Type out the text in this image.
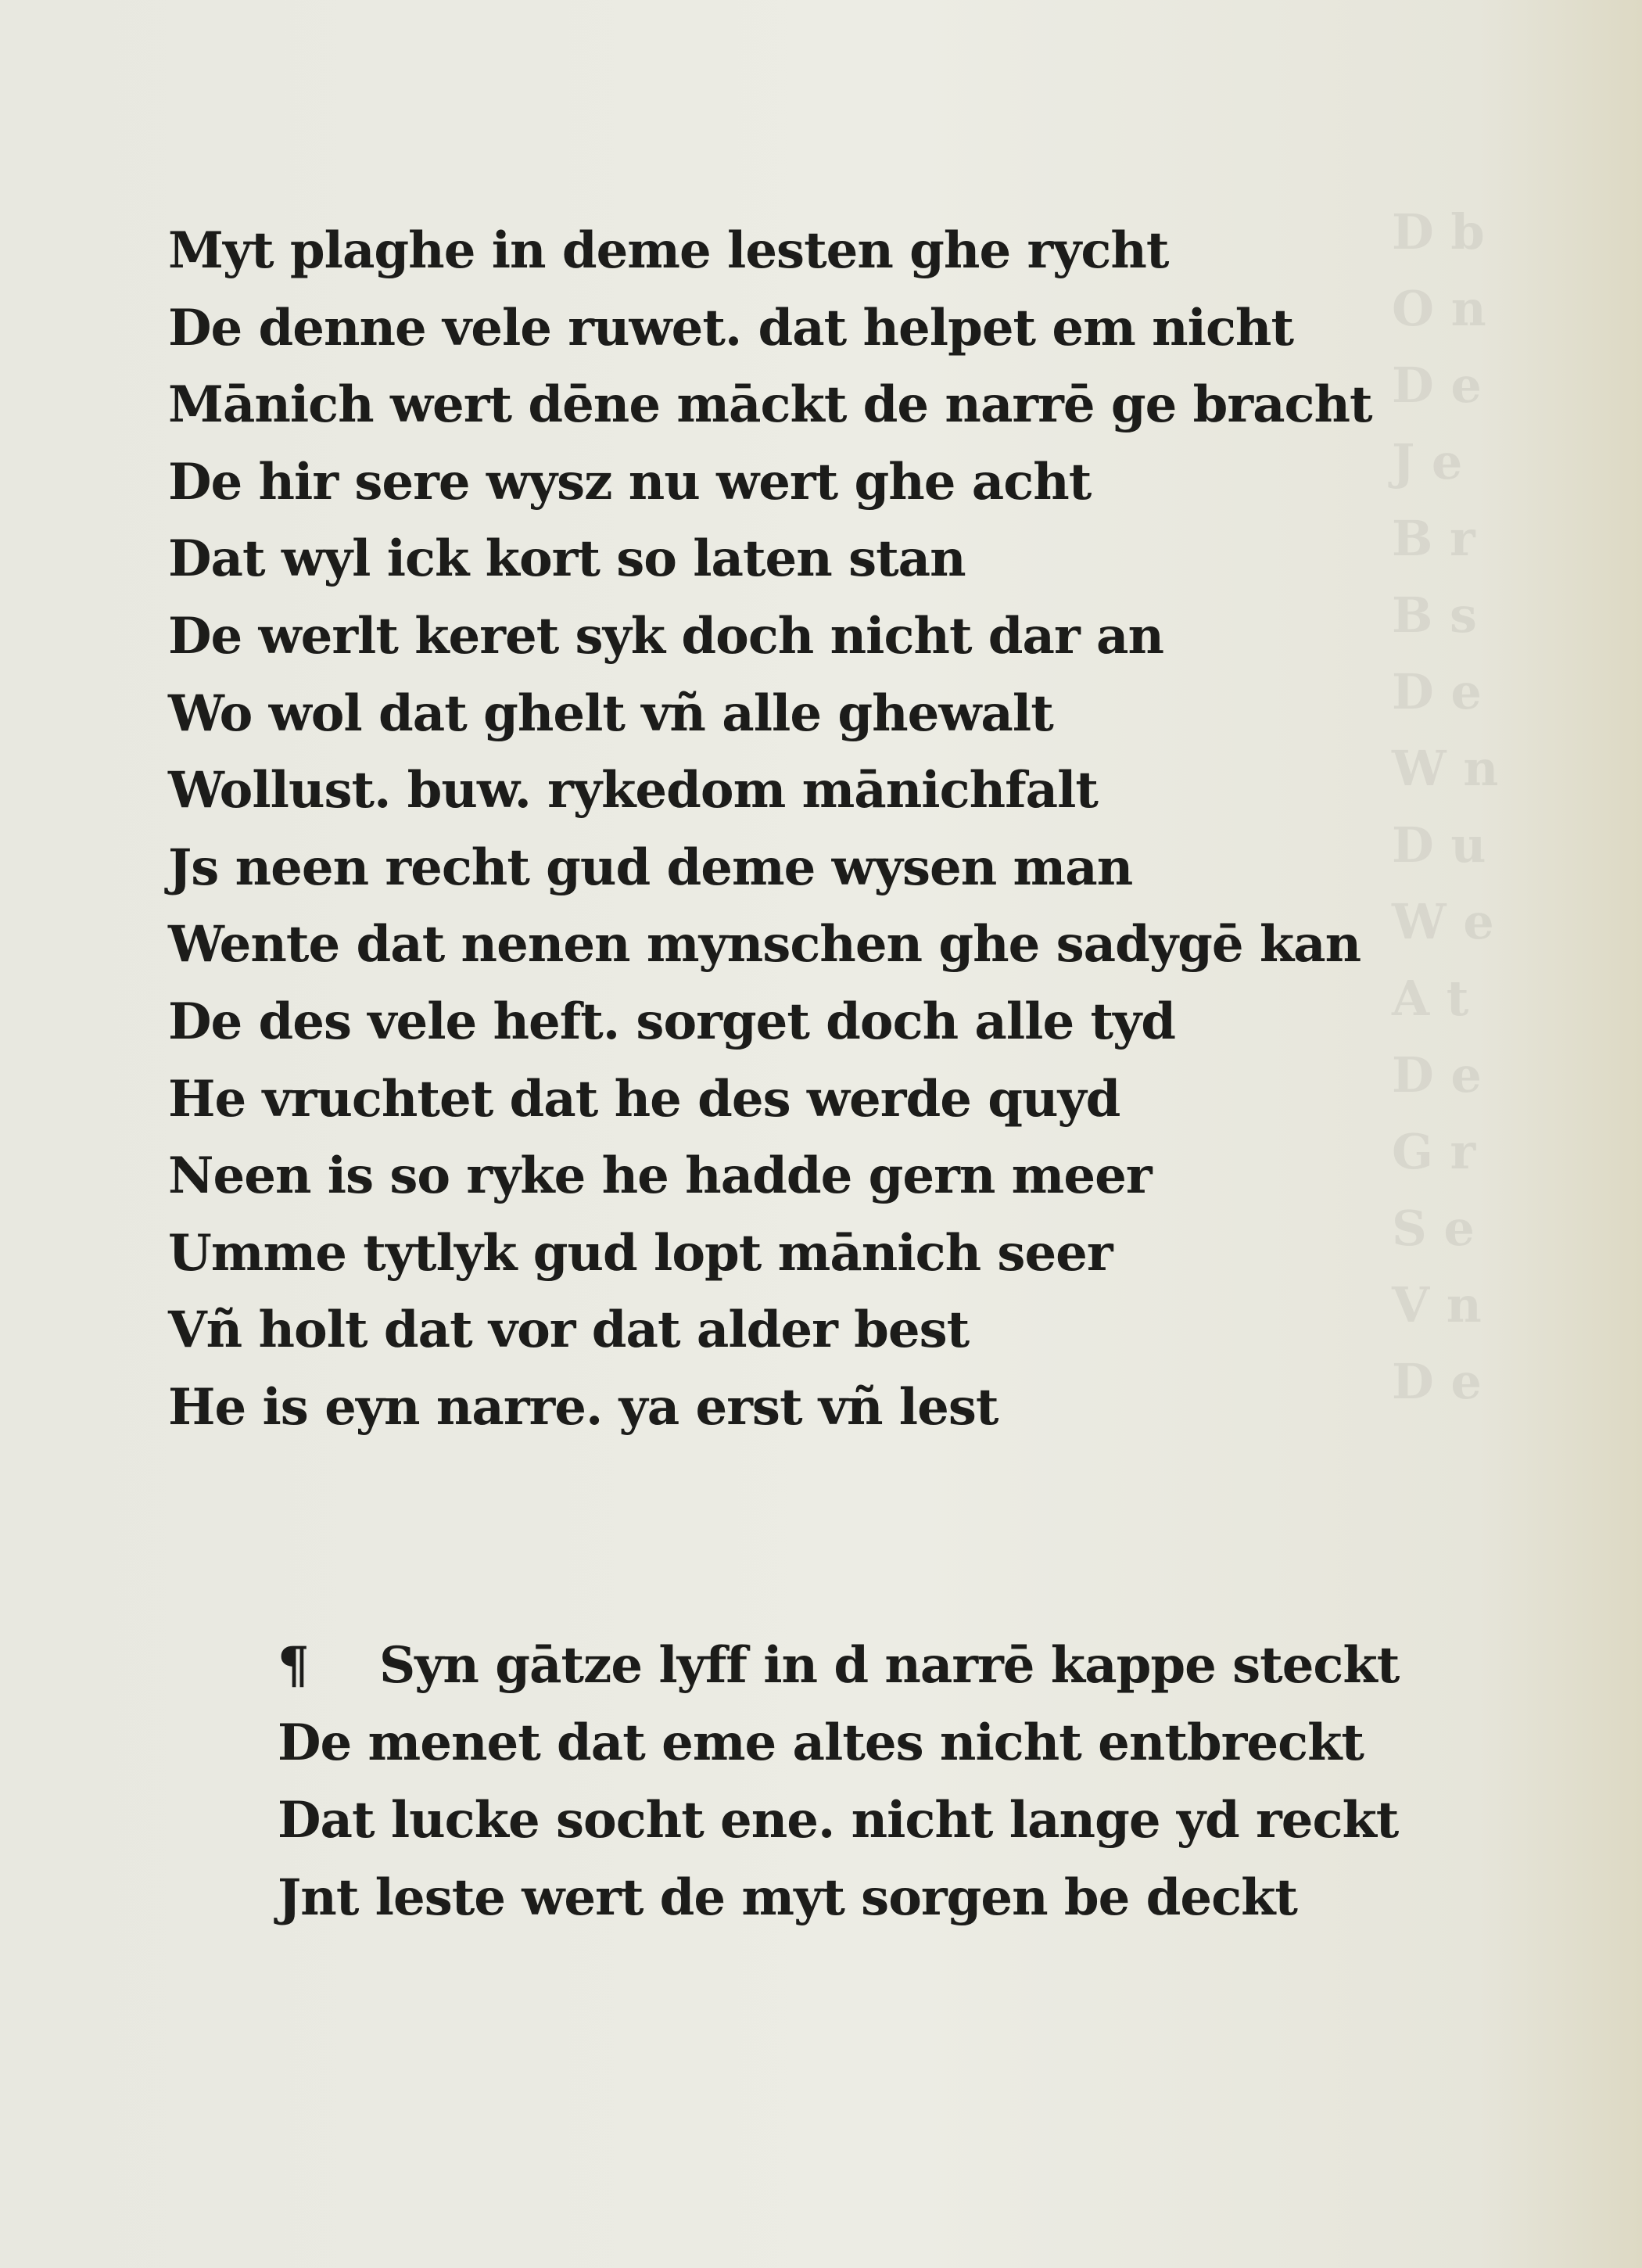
D b
O n
D e
J e
B r
B s
D e
W n
D u
W e
A t
D e
G r
S e
V n
D e
Myt plaghe in deme lesten ghe rycht
De denne vele ruwet. dat helpet em nicht
Mānich wert dēne māckt de narrē ge bracht
De hir sere wysz nu wert ghe acht
Dat wyl ick kort so laten stan
De werlt keret syk doch nicht dar an
Wo wol dat ghelt vñ alle ghewalt
Wollust. buw. rykedom mānichfalt
Js neen recht gud deme wysen man
Wente dat nenen mynschen ghe sadygē kan
De des vele heft. sorget doch alle tyd
He vruchtet dat he des werde quyd
Neen is so ryke he hadde gern meer
Umme tytlyk gud lopt mānich seer
Vñ holt dat vor dat alder best
He is eyn narre. ya erst vñ lest
¶ Syn gātze lyff in d narrē kappe steckt
De menet dat eme altes nicht entbreckt
Dat lucke socht ene. nicht lange yd reckt
Jnt leste wert de myt sorgen be deckt
